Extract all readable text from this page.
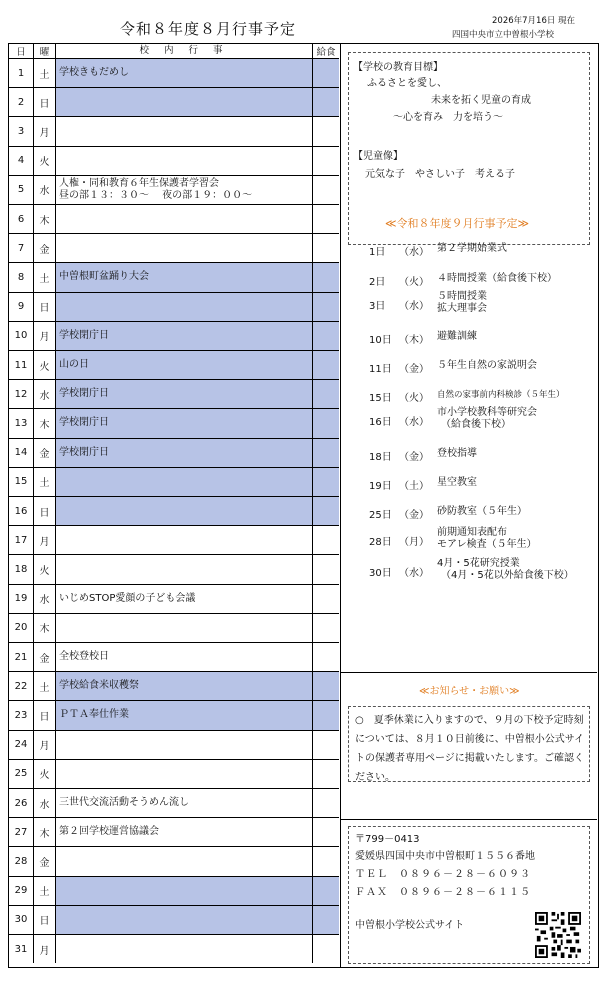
令和８年度８月行事予定	2026年7月16日 現在
四国中央市立中曽根小学校
日	曜	校 内 行 事	給食
1	土 学校きもだめし
2	日
3	月
4	火
5	水
人権・同和教育６年生保護者学習会
昼の部１３：３０～　 夜の部１９：００～
6	木
7	金
8	土 中曽根町盆踊り大会
9	日
10	月 学校閉庁日
11	火 山の日
12	水 学校閉庁日
13	木 学校閉庁日
14	金 学校閉庁日
15	土
16	日
17	月
18	火
19	水 いじめSTOP愛顔の子ども会議
20	木
21	金 全校登校日
22	土 学校給食米収穫祭
23	日 ＰＴＡ奉仕作業
24	月
25	火
26	水 三世代交流活動そうめん流し
27	木 第２回学校運営協議会
28	金
29	土
30	日
31	月
【学校の教育目標】
ふるさとを愛し、
未来を拓く児童の育成
～心を育み　力を培う～
【児童像】
元気な子　やさしい子　考える子
≪令和８年度９月行事予定≫
1日 （水） 第２学期始業式
2日 （火） ４時間授業（給食後下校）
3日 （水）
５時間授業
拡大理事会
10日 （木） 避難訓練
11日 （金） ５年生自然の家説明会
15日 （火） 自然の家事前内科検診（５年生）
16日 （水）
市小学校教科等研究会
（給食後下校）
18日 （金） 登校指導
19日 （土） 星空教室
25日 （金） 砂防教室（５年生）
28日 （月）
前期通知表配布
モアレ検査（５年生）
30日 （水）
4月・5花研究授業
（4月・5花以外給食後下校）
≪お知らせ・お願い≫
○　夏季休業に入りますので、９月の下校予定時刻については、８月１０日前後に、中曽根小公式サイトの保護者専用ページに掲載いたします。ご確認ください。
〒799－0413
愛媛県四国中央市中曽根町１５５６番地
ＴＥＬ　０８９６－２８－６０９３
ＦＡＸ　０８９６－２８－６１１５
中曽根小学校公式サイト
